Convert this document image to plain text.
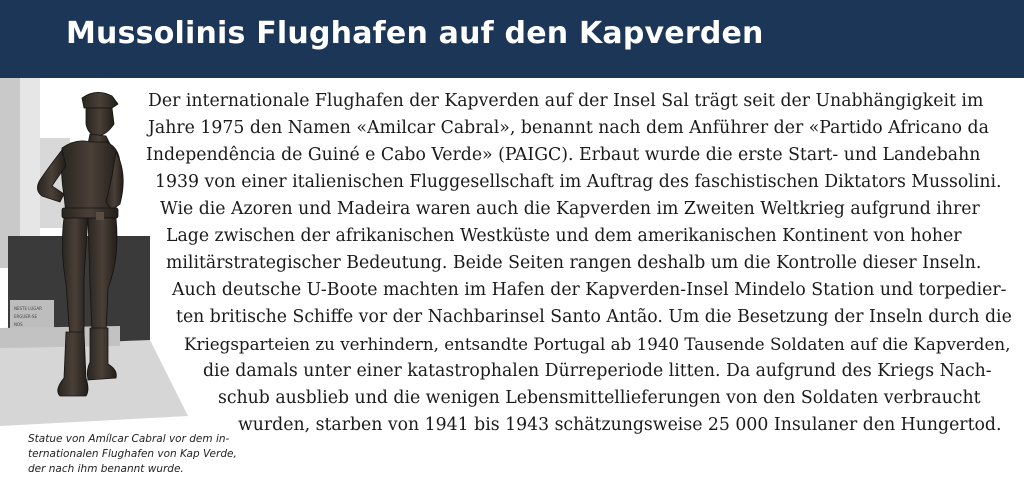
Mussolinis Flughafen auf den Kapverden
NESTE LUGAR
ERGUER-SE
NOS
Statue von Amílcar Cabral vor dem in-
ternationalen Flughafen von Kap Verde,
der nach ihm benannt wurde.
Der internationale Flughafen der Kapverden auf der Insel Sal trägt seit der Unabhängigkeit im
Jahre 1975 den Namen «Amilcar Cabral», benannt nach dem Anführer der «Partido Africano da
Independência de Guiné e Cabo Verde» (PAIGC). Erbaut wurde die erste Start- und Landebahn
1939 von einer italienischen Fluggesellschaft im Auftrag des faschistischen Diktators Mussolini.
Wie die Azoren und Madeira waren auch die Kapverden im Zweiten Weltkrieg aufgrund ihrer
Lage zwischen der afrikanischen Westküste und dem amerikanischen Kontinent von hoher
militärstrategischer Bedeutung. Beide Seiten rangen deshalb um die Kontrolle dieser Inseln.
Auch deutsche U-Boote machten im Hafen der Kapverden-Insel Mindelo Station und torpedier-
ten britische Schiffe vor der Nachbarinsel Santo Antão. Um die Besetzung der Inseln durch die
Kriegsparteien zu verhindern, entsandte Portugal ab 1940 Tausende Soldaten auf die Kapverden,
die damals unter einer katastrophalen Dürreperiode litten. Da aufgrund des Kriegs Nach-
schub ausblieb und die wenigen Lebensmittellieferungen von den Soldaten verbraucht
wurden, starben von 1941 bis 1943 schätzungsweise 25 000 Insulaner den Hungertod.
